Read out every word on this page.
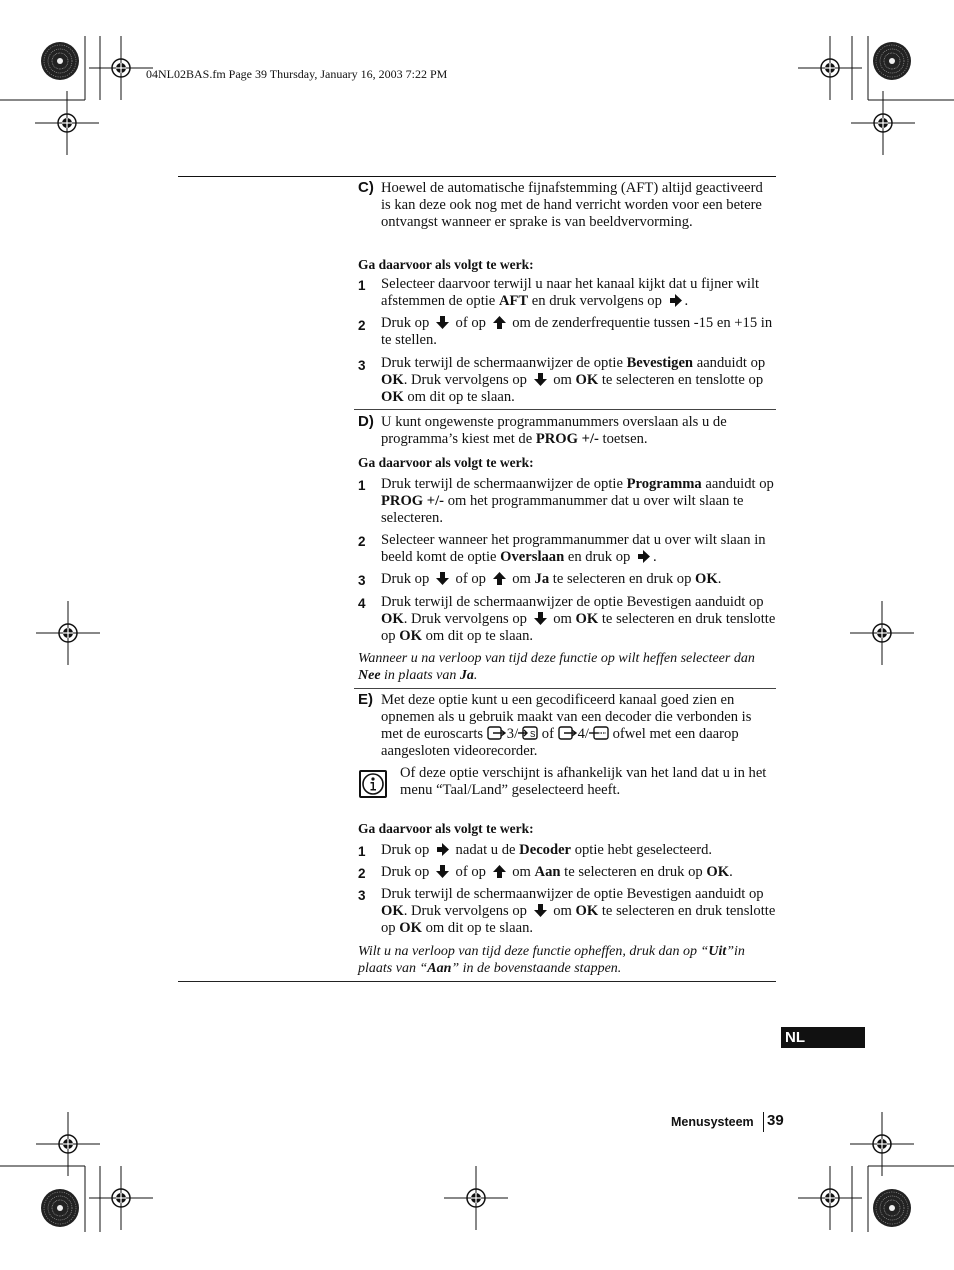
04NL02BAS.fm Page 39 Thursday, January 16, 2003 7:22 PM
C) Hoewel de automatische fijnafstemming (AFT) altijd geactiveerd is kan deze ook nog met de hand verricht worden voor een betere ontvangst wanneer er sprake is van beeldvervorming.
Ga daarvoor als volgt te werk:
1 Selecteer daarvoor terwijl u naar het kanaal kijkt dat u fijner wilt afstemmen de optie AFT en druk vervolgens op .
2 Druk op  of op  om de zenderfrequentie tussen -15 en +15 in te stellen.
3 Druk terwijl de schermaanwijzer de optie Bevestigen aanduidt op OK. Druk vervolgens op  om OK te selecteren en tenslotte op OK om dit op te slaan.
D) U kunt ongewenste programmanummers overslaan als u de programma’s kiest met de PROG +/- toetsen.
Ga daarvoor als volgt te werk:
1 Druk terwijl de schermaanwijzer de optie Programma aanduidt op PROG +/- om het programmanummer dat u over wilt slaan te selecteren.
2 Selecteer wanneer het programmanummer dat u over wilt slaan in beeld komt de optie Overslaan en druk op .
3 Druk op  of op  om Ja te selecteren en druk op OK.
4 Druk terwijl de schermaanwijzer de optie Bevestigen aanduidt op OK. Druk vervolgens op  om OK te selecteren en druk tenslotte op OK om dit op te slaan.
Wanneer u na verloop van tijd deze functie op wilt heffen selecteer dan Nee in plaats van Ja.
E) Met deze optie kunt u een gecodificeerd kanaal goed zien en opnemen als u gebruik maakt van een decoder die verbonden is met de euroscarts 3/ S of 4/ ofwel met een daarop aangesloten videorecorder.
Of deze optie verschijnt is afhankelijk van het land dat u in het menu “Taal/Land” geselecteerd heeft.
Ga daarvoor als volgt te werk:
1 Druk op  nadat u de Decoder optie hebt geselecteerd.
2 Druk op  of op  om Aan te selecteren en druk op OK.
3 Druk terwijl de schermaanwijzer de optie Bevestigen aanduidt op OK. Druk vervolgens op  om OK te selecteren en druk tenslotte op OK om dit op te slaan.
Wilt u na verloop van tijd deze functie opheffen, druk dan op “Uit”in plaats van “Aan” in de bovenstaande stappen.
NL
Menusysteem 39
